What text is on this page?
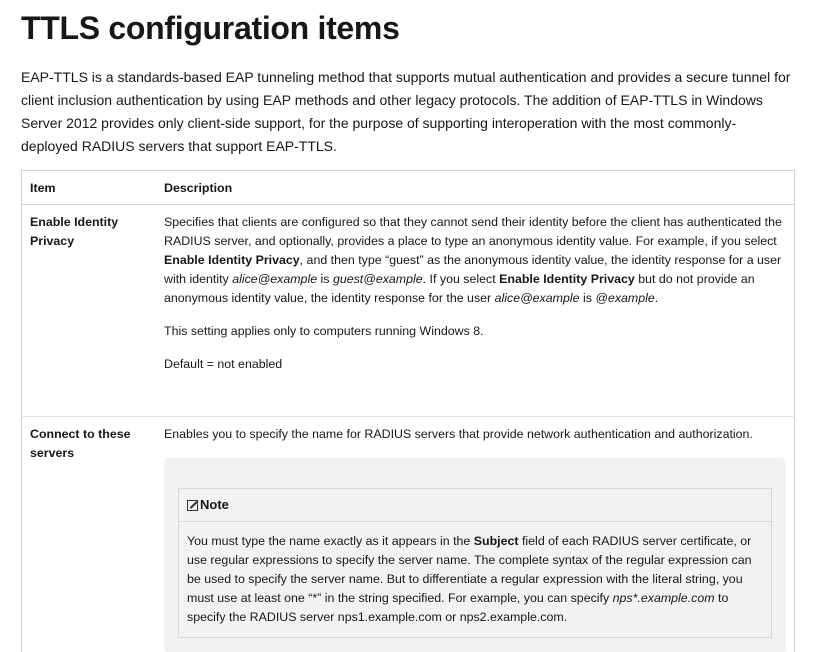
TTLS configuration items

EAP-TTLS is a standards-based EAP tunneling method that supports mutual authentication and provides a secure tunnel for client inclusion authentication by using EAP methods and other legacy protocols. The addition of EAP-TTLS in Windows Server 2012 provides only client-side support, for the purpose of supporting interoperation with the most commonly-deployed RADIUS servers that support EAP-TTLS.

Item	Description
Enable Identity Privacy	Specifies that clients are configured so that they cannot send their identity before the client has authenticated the RADIUS server, and optionally, provides a place to type an anonymous identity value. For example, if you select Enable Identity Privacy, and then type “guest” as the anonymous identity value, the identity response for a user with identity alice@example is guest@example. If you select Enable Identity Privacy but do not provide an anonymous identity value, the identity response for the user alice@example is @example.

This setting applies only to computers running Windows 8.

Default = not enabled

Connect to these servers	Enables you to specify the name for RADIUS servers that provide network authentication and authorization.

Note
You must type the name exactly as it appears in the Subject field of each RADIUS server certificate, or use regular expressions to specify the server name. The complete syntax of the regular expression can be used to specify the server name. But to differentiate a regular expression with the literal string, you must use at least one “*” in the string specified. For example, you can specify nps*.example.com to specify the RADIUS server nps1.example.com or nps2.example.com.
